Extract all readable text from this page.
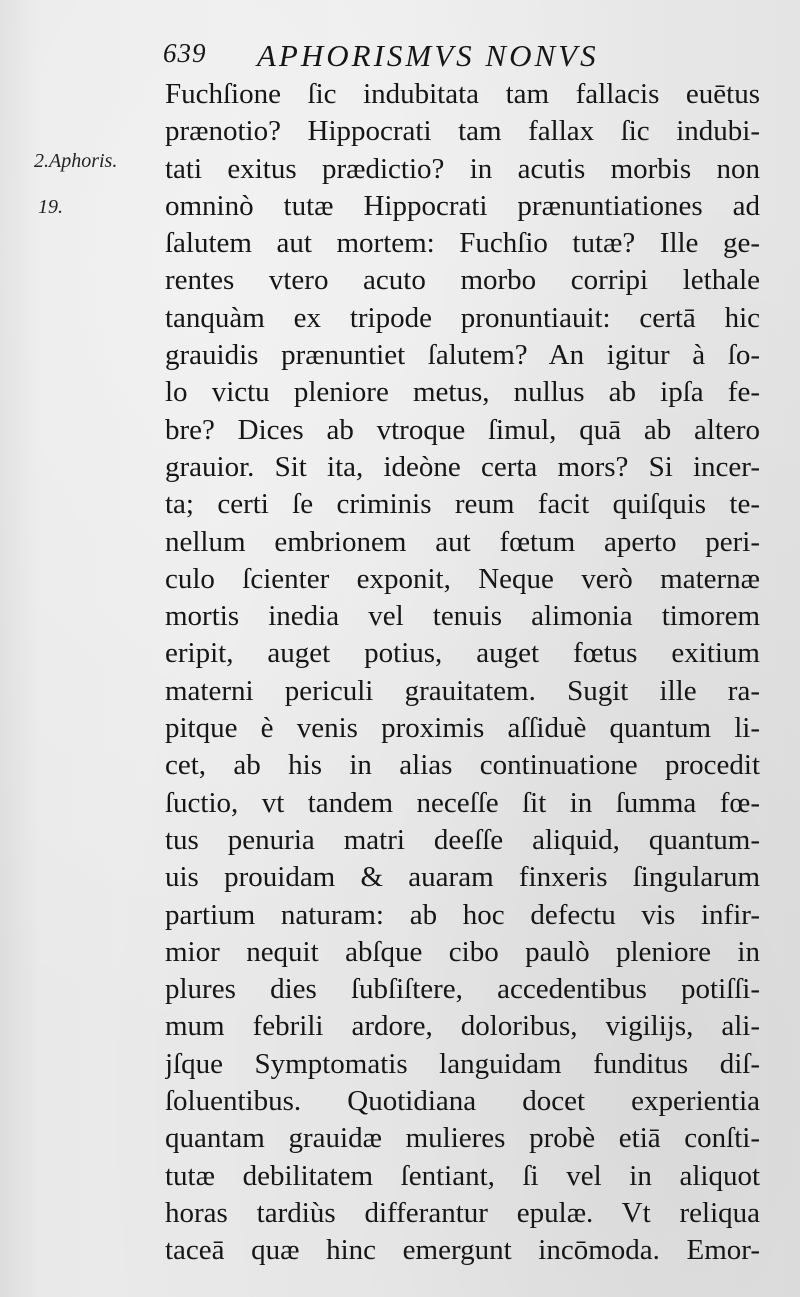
639 APHORISMVS NONVS
2.Aphoris.
19.
Fuchſione ſic indubitata tam fallacis euētus
prænotio? Hippocrati tam fallax ſic indubi-
tati exitus prædictio? in acutis morbis non
omninò tutæ Hippocrati prænuntiationes ad
ſalutem aut mortem: Fuchſio tutæ? Ille ge-
rentes vtero acuto morbo corripi lethale
tanquàm ex tripode pronuntiauit: certā hic
grauidis prænuntiet ſalutem? An igitur à ſo-
lo victu pleniore metus, nullus ab ipſa fe-
bre? Dices ab vtroque ſimul, quā ab altero
grauior. Sit ita, ideòne certa mors? Si incer-
ta; certi ſe criminis reum facit quiſquis te-
nellum embrionem aut fœtum aperto peri-
culo ſcienter exponit, Neque verò maternæ
mortis inedia vel tenuis alimonia timorem
eripit, auget potius, auget fœtus exitium
materni periculi grauitatem. Sugit ille ra-
pitque è venis proximis aſſiduè quantum li-
cet, ab his in alias continuatione procedit
ſuctio, vt tandem neceſſe ſit in ſumma fœ-
tus penuria matri deeſſe aliquid, quantum-
uis prouidam & auaram finxeris ſingularum
partium naturam: ab hoc defectu vis infir-
mior nequit abſque cibo paulò pleniore in
plures dies ſubſiſtere, accedentibus potiſſi-
mum febrili ardore, doloribus, vigilijs, ali-
jſque Symptomatis languidam funditus diſ-
ſoluentibus. Quotidiana docet experientia
quantam grauidæ mulieres probè etiā conſti-
tutæ debilitatem ſentiant, ſi vel in aliquot
horas tardiùs differantur epulæ. Vt reliqua
taceā quæ hinc emergunt incōmoda. Emor-
